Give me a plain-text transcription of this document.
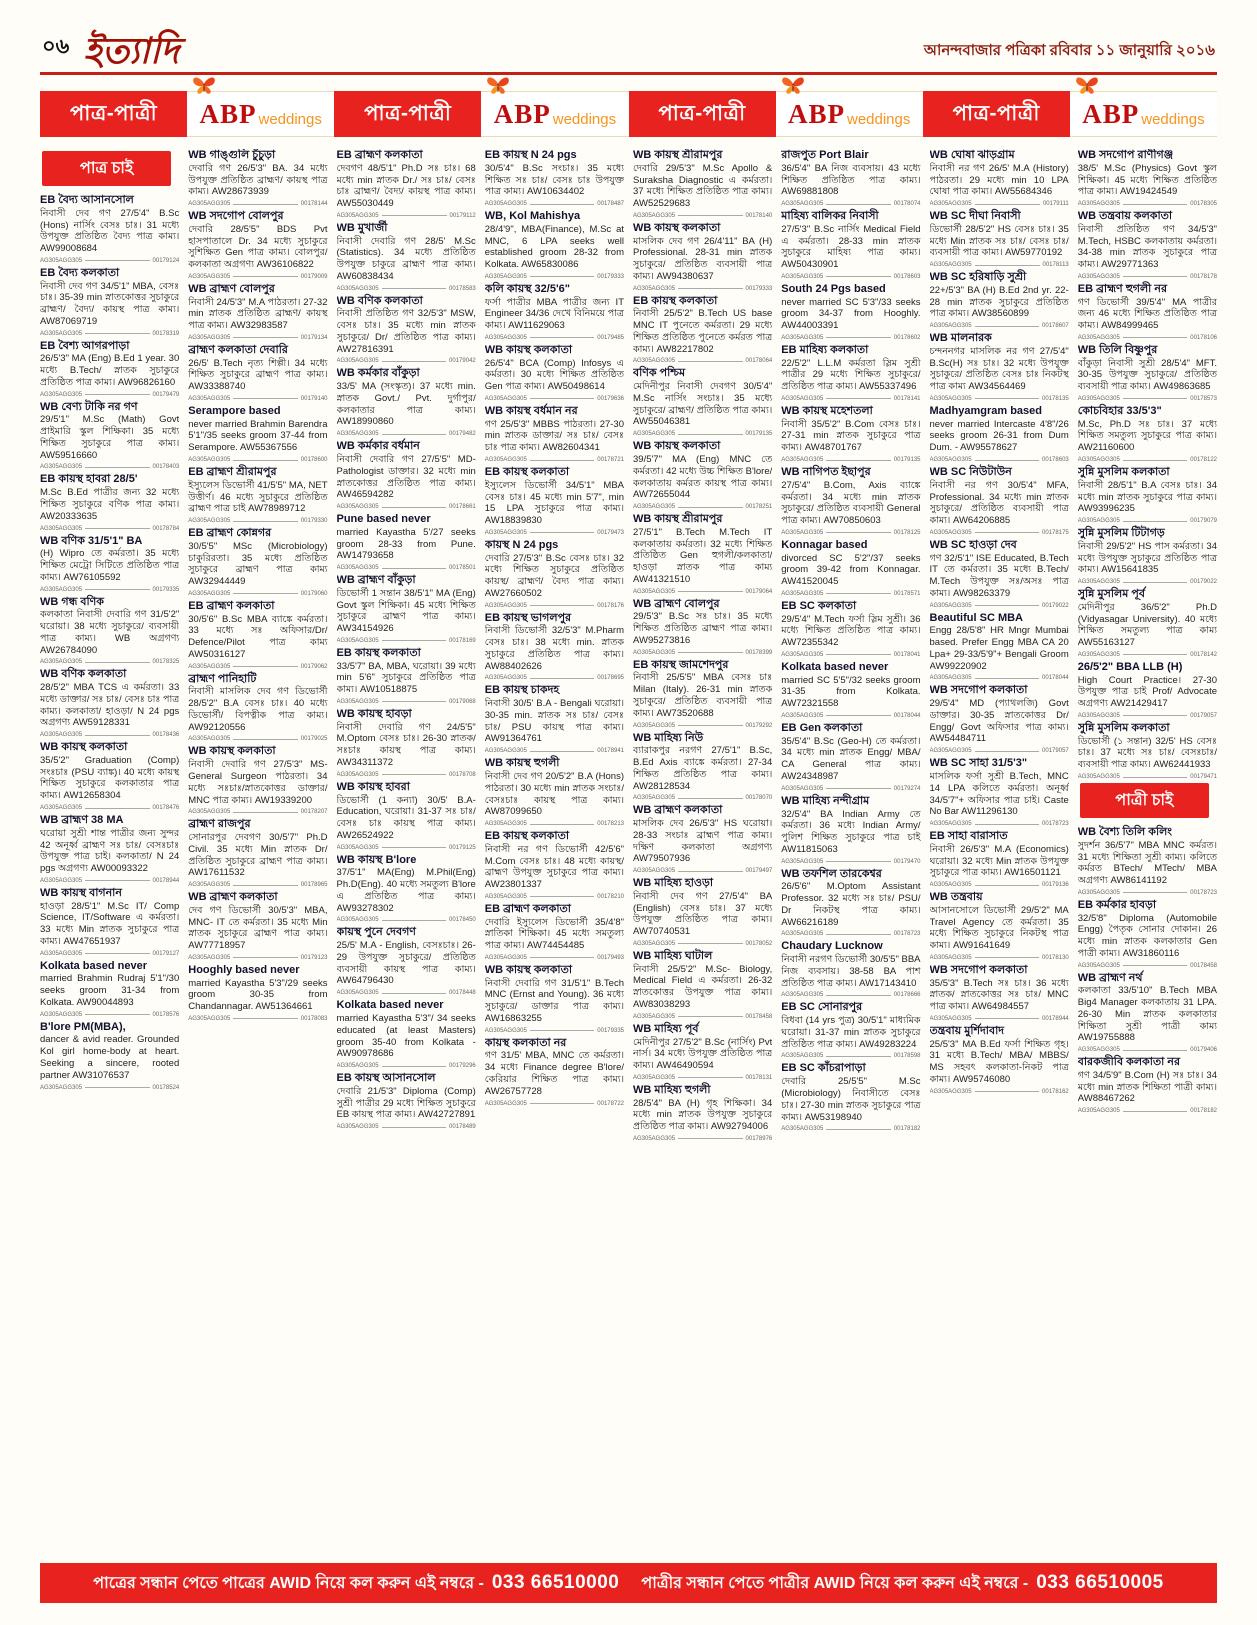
০৬ ইত্যাদি	আনন্দবাজার পত্রিকা রবিবার ১১ জানুয়ারি ২০১৬
পাত্র-পাত্রী	ABP weddings	পাত্র-পাত্রী	ABP weddings	পাত্র-পাত্রী	ABP weddings	পাত্র-পাত্রী	ABP weddings
পাত্র চাই
EB বৈদ্য আসানসোল
নিবাসী দেব গণ 27/5'4" B.Sc (Hons) নার্সিং বেসঃ চাঃ। 31 মধ্যে উপযুক্ত প্রতিষ্ঠিত বৈদ্য পাত্র কাম্য। AW99008684
AG305AGG305	00179124
EB বৈদ্য কলকাতা
নিবাসী দেব গণ 34/5'1" MBA, বেসঃ চাঃ। 35-39 min স্নাতকোত্তর সুচাকুরে ব্রাহ্মণ/ বৈদ্য/ কায়স্থ পাত্র কাম্য। AW87069719
AG305AGG305	00178319
EB বৈশ্য আগরপাড়া
26/5'3" MA (Eng) B.Ed 1 year. 30 মধ্যে B.Tech/ স্নাতক সুচাকুরে প্রতিষ্ঠিত পাত্র কাম্য। AW96826160
AG305AGG305	00179479
WB বেণ্য টাকি নর গণ
29/5'1" M.Sc (Math) Govt প্রাইমারি স্কুল শিক্ষিকা। 35 মধ্যে শিক্ষিত সুচাকুরে পাত্র কাম্য। AW59516660
AG305AGG305	00178403
EB কায়স্থ হাবরা 28/5'
M.Sc B.Ed পাত্রীর জন্য 32 মধ্যে শিক্ষিত সুচাকুরে বণিক পাত্র কাম্য। AW20333635
AG305AGG305	00178784
WB বণিক 31/5'1" BA
(H) Wipro তে কর্মরতা। 35 মধ্যে শিক্ষিত মেট্রো সিটিতে প্রতিষ্ঠিত পাত্র কাম্য। AW76105592
AG305AGG305	00179335
WB গন্ধ বণিক
কলকাতা নিবাসী দেবারি গণ 31/5'2" ঘরোয়া। 38 মধ্যে সুচাকুরে/ ব্যবসায়ী পাত্র কাম্য। WB অগ্রগণ্য AW26784090
AG305AGG305	00178325
WB বণিক কলকাতা
28/5'2" MBA TCS এ কর্মরতা। 33 মধ্যে ডাক্তার/ সঃ চাঃ/ বেসঃ চাঃ পাত্র কাম্য। কলকাতা/ হাওড়া/ N 24 pgs অগ্রগণ্য AW59128331
AG305AGG305	00178436
WB কায়স্থ কলকাতা
35/5'2" Graduation (Comp) সংঃচাঃ (PSU ব্যাঙ্ক)। 40 মধ্যে কায়স্থ শিক্ষিত সুচাকুরে কলকাতার পাত্র কাম্য। AW12658304
AG305AGG305	00178476
WB ব্রাহ্মণ 38 MA
ঘরোয়া সুশ্রী শান্ত পাত্রীর জন্য সুন্দর 42 অনূর্ধ্ব ব্রাহ্মণ সঃ চাঃ/ বেসঃচাঃ উপযুক্ত পাত্র চাই। কলকাতা/ N 24 pgs অগ্রগণ্য AW00093322
AG305AGG305	00178944
WB কায়স্থ বাগনান
হাওড়া 28/5'1" M.Sc IT/ Comp Science, IT/Software এ কর্মরতা। 33 মধ্যে Min স্নাতক সুচাকুরে পাত্র কাম্য। AW47651937
AG305AGG305	00179127
Kolkata based never
married Brahmin Rudraj 5'1"/30 seeks groom 31-34 from Kolkata. AW90044893
AG305AGG305	00178576
B'lore PM(MBA),
dancer & avid reader. Grounded Kol girl home-body at heart. Seeking a sincere, rooted partner AW31076537
AG305AGG305	00178524
WB গাঙ্গুলি চুঁচুড়া
দেবারি গণ 26/5'3" BA. 34 মধ্যে উপযুক্ত প্রতিষ্ঠিত ব্রাহ্মণ/ কায়স্থ পাত্র কাম্য। AW28673939
AG305AGG305	00178144
WB সদগোপ বোলপুর
দেবারি 28/5'5" BDS Pvt হাসপাতালে Dr. 34 মধ্যে সুচাকুরে সুশিক্ষিত Gen পাত্র কাম্য। বোলপুর/কলকাতা অগ্রগণ্য AW36106822
AG305AGG305	00179009
WB ব্রাহ্মণ বোলপুর
নিবাসী 24/5'3" M.A পাঠরতা। 27-32 min স্নাতক প্রতিষ্ঠিত ব্রাহ্মণ/ কায়স্থ পাত্র কাম্য। AW32983587
AG305AGG305	00179134
ব্রাহ্মণ কলকাতা দেবারি
26/5' B.Tech নৃত্য শিল্পী। 34 মধ্যে শিক্ষিত সুচাকুরে ব্রাহ্মণ পাত্র কাম্য। AW33388740
AG305AGG305	00179140
Serampore based
never married Brahmin Barendra 5'1"/35 seeks groom 37-44 from Serampore. AW55367556
AG305AGG305	00178600
EB ব্রাহ্মণ শ্রীরামপুর
ইস্যুলেস ডিভোর্সী 41/5'5" MA, NET উত্তীর্ণ। 46 মধ্যে সুচাকুরে প্রতিষ্ঠিত ব্রাহ্মণ পাত্র চাই AW78989712
AG305AGG305	00179330
EB ব্রাহ্মণ কোন্নগর
30/5'5" MSc (Microbiology) চাকুরিরতা। 35 মধ্যে প্রতিষ্ঠিত সুচাকুরে ব্রাহ্মণ পাত্র কাম্য AW32944449
AG305AGG305	00179060
EB ব্রাহ্মণ কলকাতা
30/5'6" B.Sc MBA ব্যাঙ্কে কর্মরতা। 33 মধ্যে সঃ অফিসার/Dr/ Defence/Pilot পাত্র কাম্য AW50316127
AG305AGG305	00179062
ব্রাহ্মণ পানিহাটি
নিবাসী মাসলিক দেব গণ ডিভোর্সী 28/5'2" B.A বেসঃ চাঃ। 40 মধ্যে ডিভোর্সী/ বিপত্নীক পাত্র কাম্য। AW92120556
AG305AGG305	00179025
WB কায়স্থ কলকাতা
নিবাসী দেবারি গণ 27/5'3" MS- General Surgeon পাঠরতা। 34 মধ্যে সঃচাঃ/স্নাতকোত্তর ডাক্তার/ MNC পাত্র কাম্য। AW19339200
AG305AGG305	00178207
ব্রাহ্মণ রাজপুর
সোনারপুর দেবগণ 30/5'7" Ph.D Civil. 35 মধ্যে Min স্নাতক Dr/ প্রতিষ্ঠিত সুচাকুরে ব্রাহ্মণ পাত্র কাম্য। AW17611532
AG305AGG305	00178965
WB ব্রাহ্মণ কলকাতা
দেব গণ ডিভোর্সী 30/5'3" MBA, MNC- IT তে কর্মরতা। 35 মধ্যে Min স্নাতক সুচাকুরে ব্রাহ্মণ পাত্র কাম্য। AW77718957
AG305AGG305	00179123
Hooghly based never
married Kayastha 5'3"/29 seeks groom 30-35 from Chandannagar. AW51364661
AG305AGG305	00178083
EB ব্রাহ্মণ কলকাতা
দেবগণ 48/5'1" Ph.D সঃ চাঃ। 68 মধ্যে min স্নাতক Dr./ সঃ চাঃ/ বেসঃ চাঃ ব্রাহ্মণ/ বৈদ্য/ কায়স্থ পাত্র কাম্য। AW55030449
AG305AGG305	00179112
WB মুখার্জী
নিবাসী দেবারি গণ 28/5' M.Sc (Statistics). 34 মধ্যে প্রতিষ্ঠিত উপযুক্ত চাকুরে ব্রাহ্মণ পাত্র কাম্য। AW60838434
AG305AGG305	00178583
WB বণিক কলকাতা
নিবাসী প্রতিষ্ঠিত গণ 32/5'3" MSW, বেসঃ চাঃ। 35 মধ্যে min স্নাতক সুচাকুরে/ Dr/ প্রতিষ্ঠিত পাত্র কাম্য। AW27816391
AG305AGG305	00179042
WB কর্মকার বাঁকুড়া
33/5' MA (সংস্কৃত)। 37 মধ্যে min. স্নাতক Govt./ Pvt. দুর্গাপুর/ কলকাতার পাত্র কাম্য। AW18990860
AG305AGG305	00179482
WB কর্মকার বর্ধমান
নিবাসী দেবারি গণ 27/5'5" MD- Pathologist ডাক্তার। 32 মধ্যে min স্নাতকোত্তর প্রতিষ্ঠিত পাত্র কাম্য। AW46594282
AG305AGG305	00178661
Pune based never
married Kayastha 5'/27 seeks groom 28-33 from Pune. AW14793658
AG305AGG305	00178501
WB ব্রাহ্মণ বাঁকুড়া
ডিভোর্সী 1 সন্তান 38/5'1" MA (Eng) Govt স্কুল শিক্ষিকা। 45 মধ্যে শিক্ষিত সুচাকুরে ব্রাহ্মণ পাত্র কাম্য। AW34154926
AG305AGG305	00178169
EB কায়স্থ কলকাতা
33/5'7" BA, MBA, ঘরোয়া। 39 মধ্যে min 5'6" সুচাকুরে প্রতিষ্ঠিত পাত্র কাম্য। AW10518875
AG305AGG305	00179068
WB কায়স্থ হাবড়া
নিবাসী দেবারি গণ 24/5'5" M.Optom বেসঃ চাঃ। 26-30 স্নাতক/ সঃচাঃ কায়স্থ পাত্র কাম্য। AW34311372
AG305AGG305	00178708
WB কায়স্থ হাবরা
ডিভোর্সী (1 কন্যা) 30/5' B.A- Education, ঘরোয়া। 31-37 সঃ চাঃ/ বেসঃ চাঃ কায়স্থ পাত্র কাম্য। AW26524922
AG305AGG305	00179125
WB কায়স্থ B'lore
37/5'1" MA(Eng) M.Phil(Eng) Ph.D(Eng). 40 মধ্যে সমতুল্য B'lore এ প্রতিষ্ঠিত পাত্র কাম্য। AW93278302
AG305AGG305	00178450
কায়স্থ পুনে দেবগণ
25/5' M.A - English, বেসঃচাঃ। 26-29 উপযুক্ত সুচাকুরে/ প্রতিষ্ঠিত ব্যবসায়ী কায়স্থ পাত্র কাম্য। AW64796430
AG305AGG305	00178448
Kolkata based never
married Kayastha 5'3"/ 34 seeks educated (at least Masters) groom 35-40 from Kolkata - AW90978686
AG305AGG305	00179296
EB কায়স্থ আসানসোল
দেবারি 21/5'3" Diploma (Comp) সুশ্রী পাত্রীর 29 মধ্যে শিক্ষিত সুচাকুরে EB কায়স্থ পাত্র কাম্য। AW42727891
AG305AGG305	00178489
EB কায়স্থ N 24 pgs
30/5'4" B.Sc সংচাঃ। 35 মধ্যে শিক্ষিত সঃ চাঃ/ বেসঃ চাঃ উপযুক্ত পাত্র কাম্য। AW10634402
AG305AGG305	00178487
WB, Kol Mahishya
28/4'9", MBA(Finance), M.Sc at MNC, 6 LPA seeks well established groom 28-32 from Kolkata. AW65830086
AG305AGG305	00179333
কলি কায়স্থ 32/5'6"
ফর্সা পাত্রীর MBA পাত্রীর জন্য IT Engineer 34/36 দেখে বিনিময়ে পাত্র কাম্য। AW11629063
AG305AGG305	00179485
WB কায়স্থ কলকাতা
26/5'4" BCA (Comp) Infosys এ কর্মরতা। 30 মধ্যে শিক্ষিত প্রতিষ্ঠিত Gen পাত্র কাম্য। AW50498614
AG305AGG305	00179636
WB কায়স্থ বর্ধমান নর
গণ 25/5'3" MBBS পাঠরতা। 27-30 min স্নাতক ডাক্তার/ সঃ চাঃ/ বেসঃ চাঃ পাত্র কাম্য। AW82604341
AG305AGG305	00178721
EB কায়স্থ কলকাতা
ইস্যুলেস ডিভোর্সী 34/5'1" MBA বেসঃ চাঃ। 45 মধ্যে min 5'7", min 15 LPA সুচাকুরে পাত্র কাম্য। AW18839830
AG305AGG305	00179473
কায়স্থ N 24 pgs
দেবারি 27/5'3" B.Sc বেসঃ চাঃ। 32 মধ্যে শিক্ষিত সুচাকুরে প্রতিষ্ঠিত কায়স্থ/ ব্রাহ্মণ/ বৈদ্য পাত্র কাম্য। AW27660502
AG305AGG305	00178176
EB কায়স্থ ভাগলপুর
নিবাসী ডিভোর্সী 32/5'3" M.Pharm বেসঃ চাঃ। 38 মধ্যে min. স্নাতক সুচাকুরে প্রতিষ্ঠিত পাত্র কাম্য। AW88402626
AG305AGG305	00178695
EB কায়স্থ চাকদহ
নিবাসী 30/5' B.A - Bengali ঘরোয়া। 30-35 min. স্নাতক সঃ চাঃ/ বেসঃ চাঃ/ PSU কায়স্থ পাত্র কাম্য। AW91364761
AG305AGG305	00178941
WB কায়স্থ হুগলী
নিবাসী দেব গণ 20/5'2" B.A (Hons) পাঠরতা। 30 মধ্যে min স্নাতক সংচাঃ/ বেসঃচাঃ কায়স্থ পাত্র কাম্য। AW87099650
AG305AGG305	00178213
EB কায়স্থ কলকাতা
নিবাসী নর গণ ডিভোর্সী 42/5'6" M.Com বেসঃ চাঃ। 48 মধ্যে কায়স্থ/ ব্রাহ্মণ উপযুক্ত সুচাকুরে পাত্র কাম্য। AW23801337
AG305AGG305	00178210
EB ব্রাহ্মণ কলকাতা
দেবারি ইস্যুলেস ডিভোর্সী 35/4'8" স্নাতিকা শিক্ষিকা। 45 মধ্যে সমতুল্য পাত্র কাম্য। AW74454485
AG305AGG305	00179493
WB কায়স্থ কলকাতা
নিবাসী দেবারি গণ 31/5'1" B.Tech MNC (Ernst and Young). 36 মধ্যে সুচাকুরে/ ডাক্তার পাত্র কাম্য। AW16863255
AG305AGG305	00179335
কায়স্থ কলকাতা নর
গণ 31/5' MBA, MNC তে কর্মরতা। 34 মধ্যে Finance degree B'lore/ কেরিয়ার শিক্ষিত পাত্র কাম্য। AW26757728
AG305AGG305	00178722
WB কায়স্থ শ্রীরামপুর
দেবারি 29/5'3" M.Sc Apollo & Suraksha Diagnostic এ কর্মরতা। 37 মধ্যে শিক্ষিত প্রতিষ্ঠিত পাত্র কাম্য। AW52529683
AG305AGG305	00178140
WB কায়স্থ কলকাতা
মাসলিক দেব গণ 26/4'11" BA (H) Professional. 28-31 min স্নাতক সুচাকুরে/ প্রতিষ্ঠিত ব্যবসায়ী পাত্র কাম্য। AW94380637
AG305AGG305	00179333
EB কায়স্থ কলকাতা
নিবাসী 25/5'2" B.Tech US base MNC IT পুনেতে কর্মরতা। 29 মধ্যে শিক্ষিত প্রতিষ্ঠিত পুনেতে কর্মরত পাত্র কাম্য। AW82217802
AG305AGG305	00178064
বণিক পশ্চিম
মেদিনীপুর নিবাসী দেবগণ 30/5'4" M.Sc নার্সিং সংচাঃ। 35 মধ্যে সুচাকুরে/ ব্রাহ্মণ/ প্রতিষ্ঠিত পাত্র কাম্য। AW55046381
AG305AGG305	00179135
WB কায়স্থ কলকাতা
39/5'7" MA (Eng) MNC তে কর্মরতা। 42 মধ্যে উচ্চ শিক্ষিত B'lore/ কলকাতায় কর্মরত কায়স্থ পাত্র কাম্য। AW72655044
AG305AGG305	00178251
WB কায়স্থ শ্রীরামপুর
27/5'1" B.Tech M.Tech IT কলকাতায় কর্মরতা। 32 মধ্যে শিক্ষিত প্রতিষ্ঠিত Gen হুগলী/কলকাতা/হাওড়া স্নাতক পাত্র কাম্য AW41321510
AG305AGG305	00179064
WB ব্রাহ্মণ বোলপুর
29/5'3" B.Sc সঃ চাঃ। 35 মধ্যে শিক্ষিত প্রতিষ্ঠিত ব্রাহ্মণ পাত্র কাম্য। AW95273816
AG305AGG305	00178399
EB কায়স্থ জামশেদপুর
নিবাসী 25/5'5" MBA বেসঃ চাঃ Milan (Italy). 26-31 min স্নাতক সুচাকুরে/ প্রতিষ্ঠিত ব্যবসায়ী পাত্র কাম্য। AW73520688
AG305AGG305	00179292
WB মাহিষ্য নিউ
ব্যারাকপুর নরগণ 27/5'1" B.Sc, B.Ed Axis ব্যাঙ্কে কর্মরতা। 27-34 শিক্ষিত প্রতিষ্ঠিত পাত্র কাম্য। AW28128534
AG305AGG305	00178070
WB ব্রাহ্মণ কলকাতা
মাসলিক দেব 26/5'3" HS ঘরোয়া। 28-33 সংচাঃ ব্রাহ্মণ পাত্র কাম্য। দক্ষিণ কলকাতা অগ্রগণ্য AW79507936
AG305AGG305	00179497
WB মাহিষ্য হাওড়া
নিবাসী দেব গণ 27/5'4" BA (English) বেসঃ চাঃ। 37 মধ্যে উপযুক্ত প্রতিষ্ঠিত পাত্র কাম্য। AW70740531
AG305AGG305	00178052
WB মাহিষ্য ঘাটাল
নিবাসী 25/5'2" M.Sc- Biology, Medical Field এ কর্মরতা। 26-32 স্নাতকোত্তর উপযুক্ত পাত্র কাম্য। AW83038293
AG305AGG305	00178458
WB মাহিষ্য পূর্ব
মেদিনীপুর 27/5'2" B.Sc (নার্সিং) Pvt নার্স। 34 মধ্যে উপযুক্ত প্রতিষ্ঠিত পাত্র কাম্য। AW46490594
AG305AGG305	00178131
WB মাহিষ্য হুগলী
28/5'4" BA (H) গৃহ শিক্ষিকা। 34 মধ্যে min স্নাতক উপযুক্ত সুচাকুরে প্রতিষ্ঠিত পাত্র কাম্য। AW92794006
AG305AGG305	00178976
রাজপুত Port Blair
36/5'4" BA নিজ ব্যবসায়। 43 মধ্যে শিক্ষিত প্রতিষ্ঠিত পাত্র কাম্য। AW69881808
AG305AGG305	00178074
মাহিষ্য বালিকর নিবাসী
27/5'3" B.Sc নার্সিং Medical Field এ কর্মরতা। 28-33 min স্নাতক সুচাকুরে মাহিষ্য পাত্র কাম্য। AW50430901
AG305AGG305	00178603
South 24 Pgs based
never married SC 5'3"/33 seeks groom 34-37 from Hooghly. AW44003391
AG305AGG305	00178602
EB মাহিষ্য কলকাতা
22/5'2" L.L.M কর্মরতা স্লিম সুশ্রী পাত্রীর 29 মধ্যে শিক্ষিত সুচাকুরে/প্রতিষ্ঠিত পাত্র কাম্য। AW55337496
AG305AGG305	00178141
WB কায়স্থ মহেশতলা
নিবাসী 35/5'2" B.Com বেসঃ চাঃ। 27-31 min স্নাতক সুচাকুরে পাত্র কাম্য। AW48701767
AG305AGG305	00179135
WB নাগিপত ইছাপুর
27/5'4" B.Com, Axis ব্যাঙ্কে কর্মরতা। 34 মধ্যে min স্নাতক সুচাকুরে/ প্রতিষ্ঠিত ব্যবসায়ী General পাত্র কাম্য। AW70850603
AG305AGG305	00178125
Konnagar based
divorced SC 5'2"/37 seeks groom 39-42 from Konnagar. AW41520045
AG305AGG305	00178571
EB SC কলকাতা
29/5'4" M.Tech ফর্সা স্লিম সুশ্রী। 36 মধ্যে শিক্ষিত প্রতিষ্ঠিত পাত্র কাম্য। AW72355342
AG305AGG305	00178041
Kolkata based never
married SC 5'5"/32 seeks groom 31-35 from Kolkata. AW72321558
AG305AGG305	00178044
EB Gen কলকাতা
35/5'4" B.Sc (Geo-H) তে কর্মরতা। 34 মধ্যে min স্নাতক Engg/ MBA/ CA General পাত্র কাম্য। AW24348987
AG305AGG305	00179274
WB মাহিষ্য নন্দীগ্রাম
32/5'4" BA Indian Army তে কর্মরতা। 36 মধ্যে Indian Army/ পুলিশ শিক্ষিত সুচাকুরে পাত্র চাই AW11815063
AG305AGG305	00179470
WB তফশিল তারকেশ্বর
26/5'6" M.Optom Assistant Professor. 32 মধ্যে সঃ চাঃ/ PSU/ Dr নিকটস্থ পাত্র কাম্য। AW66216189
AG305AGG305	00178723
Chaudary Lucknow
নিবাসী নরগণ ডিভোর্সী 30/5'5" BBA নিজ ব্যবসায়। 38-58 BA পাশ প্রতিষ্ঠিত পাত্র কাম্য। AW17143410
AG305AGG305	00178666
EB SC সোনারপুর
বিধবা (14 yrs পুত্র) 30/5'1" মাধ্যমিক ঘরোয়া। 31-37 min স্নাতক সুচাকুরে প্রতিষ্ঠিত পাত্র কাম্য। AW49283224
AG305AGG305	00178598
EB SC কাঁচরাপাড়া
দেবারি 25/5'5" M.Sc (Microbiology) নিবাসীতে বেসঃ চাঃ। 27-30 min স্নাতক সুচাকুরে পাত্র কাম্য। AW53198940
AG305AGG305	00178182
WB ঘোষা ঝাড়গ্রাম
নিবাসী নর গণ 26/5' M.A (History) পাঠরতা। 29 মধ্যে min 10 LPA ঘোষা পাত্র কাম্য। AW55684346
AG305AGG305	00179111
WB SC দীঘা নিবাসী
ডিভোর্সী 28/5'2" HS বেসঃ চাঃ। 35 মধ্যে Min স্নাতক সঃ চাঃ/ বেসঃ চাঃ/ ব্যবসায়ী পাত্র কাম্য। AW59770192
AG305AGG305	00178113
WB SC হরিষাড়ি সুশ্রী
22+/5'3" BA (H) B.Ed 2nd yr. 22-28 min স্নাতক সুচাকুরে প্রতিষ্ঠিত পাত্র কাম্য। AW38560899
AG305AGG305	00178607
WB মালনারক
চন্দননগর মাসলিক নর গণ 27/5'4" B.Sc(H) সঃ চাঃ। 32 মধ্যে উপযুক্ত সুচাকুরে/ প্রতিষ্ঠিত বেসঃ চাঃ নিকটস্থ পাত্র কাম্য AW34564469
AG305AGG305	00178135
Madhyamgram based
never married Intercaste 4'8"/26 seeks groom 26-31 from Dum Dum. - AW95578627
AG305AGG305	00178603
WB SC নিউটাউন
নিবাসী নর গণ 30/5'4" MFA, Professional. 34 মধ্যে min স্নাতক সুচাকুরে/ প্রতিষ্ঠিত ব্যবসায়ী পাত্র কাম্য। AW64206885
AG305AGG305	00178175
WB SC হাওড়া দেব
গণ 32/5'1" ISE Educated, B.Tech IT তে কর্মরতা। 35 মধ্যে B.Tech/ M.Tech উপযুক্ত সঃ/অসঃ পাত্র কাম্য। AW98263379
AG305AGG305	00179022
Beautiful SC MBA
Engg 28/5'8" HR Mngr Mumbai based. Prefer Engg MBA CA 20 Lpa+ 29-33/5'9"+ Bengali Groom AW99220902
AG305AGG305	00178044
WB সদগোপ কলকাতা
29/5'4" MD (প্যাথলজি) Govt ডাক্তার। 30-35 স্নাতকোত্তর Dr/ Engg/ Govt অফিসার পাত্র কাম্য। AW54484711
AG305AGG305	00179057
WB SC সাহা 31/5'3"
মাসলিক ফর্সা সুশ্রী B.Tech, MNC 14 LPA কলিতে কর্মরতা। অনূর্ধ্ব 34/5'7"+ অফিসার পাত্র চাই। Caste No Bar AW11296130
AG305AGG305	00178723
EB সাহা বারাসাত
নিবাসী 26/5'3" M.A (Economics) ঘরোয়া। 32 মধ্যে Min স্নাতক উপযুক্ত সুচাকুরে পাত্র কাম্য। AW16501121
AG305AGG305	00179136
WB তন্ত্রবায়
আসানসোলে ডিভোর্সী 29/5'2" MA Travel Agency তে কর্মরতা। 35 মধ্যে শিক্ষিত সুচাকুরে নিকটস্থ পাত্র কাম্য। AW91641649
AG305AGG305	00178130
WB সদগোপ কলকাতা
35/5'3" B.Tech সঃ চাঃ। 36 মধ্যে স্নাতক/ স্নাতকোত্তর সঃ চাঃ/ MNC পাত্র কাম্য। AW64984557
AG305AGG305	00178944
তন্ত্রবায় মুর্শিদাবাদ
25/5'3" MA B.Ed ফর্সা শিক্ষিত গৃহ। 31 মধ্যে B.Tech/ MBA/ MBBS/ MS সহবৎ কলকাতা-নিকট পাত্র কাম্য। AW95746080
AG305AGG305	00178162
WB সদগোপ রাণীগঞ্জ
38/5' M.Sc (Physics) Govt স্কুল শিক্ষিকা। 45 মধ্যে শিক্ষিত প্রতিষ্ঠিত পাত্র কাম্য। AW19424549
AG305AGG305	00178305
WB তন্ত্রবায় কলকাতা
নিবাসী প্রতিষ্ঠিত গণ 34/5'3" M.Tech, HSBC কলকাতায় কর্মরতা। 34-38 min স্নাতক সুচাকুরে পাত্র কাম্য। AW29771363
AG305AGG305	00178178
EB ব্রাহ্মণ হুগলী নর
গণ ডিভোর্সী 39/5'4" MA পাত্রীর জন্য 46 মধ্যে শিক্ষিত প্রতিষ্ঠিত পাত্র কাম্য। AW84999465
AG305AGG305	00178106
WB তিলি বিষ্ণুপুর
বাঁকুড়া নিবাসী সুশ্রী 28/5'4" MFT. 30-35 উপযুক্ত সুচাকুরে/ প্রতিষ্ঠিত ব্যবসায়ী পাত্র কাম্য। AW49863685
AG305AGG305	00178573
কোচবিহার 33/5'3"
M.Sc, Ph.D সঃ চাঃ। 37 মধ্যে শিক্ষিত সমতুল্য সুচাকুরে পাত্র কাম্য। AW21160600
AG305AGG305	00178122
সুন্নি মুসলিম কলকাতা
নিবাসী 28/5'1" B.A বেসঃ চাঃ। 34 মধ্যে min স্নাতক সুচাকুরে পাত্র কাম্য। AW93996235
AG305AGG305	00179079
সুন্নি মুসলিম টিটাগড়
নিবাসী 29/5'2" HS পাস কর্মরতা। 34 মধ্যে উপযুক্ত সুচাকুরে প্রতিষ্ঠিত পাত্র কাম্য। AW15641835
AG305AGG305	00179022
সুন্নি মুসলিম পূর্ব
মেদিনীপুর 36/5'2" Ph.D (Vidyasagar University). 40 মধ্যে শিক্ষিত সমতুল্য পাত্র কাম্য AW55163127
AG305AGG305	00178142
26/5'2" BBA LLB (H)
High Court Practice। 27-30 উপযুক্ত পাত্র চাই Prof/ Advocate অগ্রগণ্য AW21429417
AG305AGG305	00179057
সুন্নি মুসলিম কলকাতা
ডিভোর্সী (১ সন্তান) 32/5' HS বেসঃ চাঃ। 37 মধ্যে সঃ চাঃ/ বেসঃচাঃ/ ব্যবসায়ী পাত্র কাম্য। AW62441933
AG305AGG305	00179471
পাত্রী চাই
WB বৈশ্য তিলি কলিং
সুদর্শন 36/5'7" MBA MNC কর্মরত। 31 মধ্যে শিক্ষিতা সুশ্রী কাম্য। কলিতে কর্মরত BTech/ MTech/ MBA অগ্রগণ্য AW86141192
AG305AGG305	00178723
EB কর্মকার হাবড়া
32/5'8" Diploma (Automobile Engg) পৈতৃক সোনার দোকান। 26 মধ্যে min স্নাতক কলকাতার Gen পাত্রী কাম্য। AW31860116
AG305AGG305	00178458
WB ব্রাহ্মণ নর্থ
কলকাতা 33/5'10" B.Tech MBA Big4 Manager কলকাতায় 31 LPA. 26-30 Min স্নাতক কলকাতার শিক্ষিতা সুশ্রী পাত্রী কাম্য AW19755888
AG305AGG305	00179406
বারকজীবি কলকাতা নর
গণ 34/5'9" B.Com (H) সঃ চাঃ। 34 মধ্যে min স্নাতক শিক্ষিতা পাত্রী কাম্য। AW88467262
AG305AGG305	00178182
পাত্রের সন্ধান পেতে পাত্রের AWID নিয়ে কল করুন এই নম্বরে - 033 66510000 পাত্রীর সন্ধান পেতে পাত্রীর AWID নিয়ে কল করুন এই নম্বরে - 033 66510005
